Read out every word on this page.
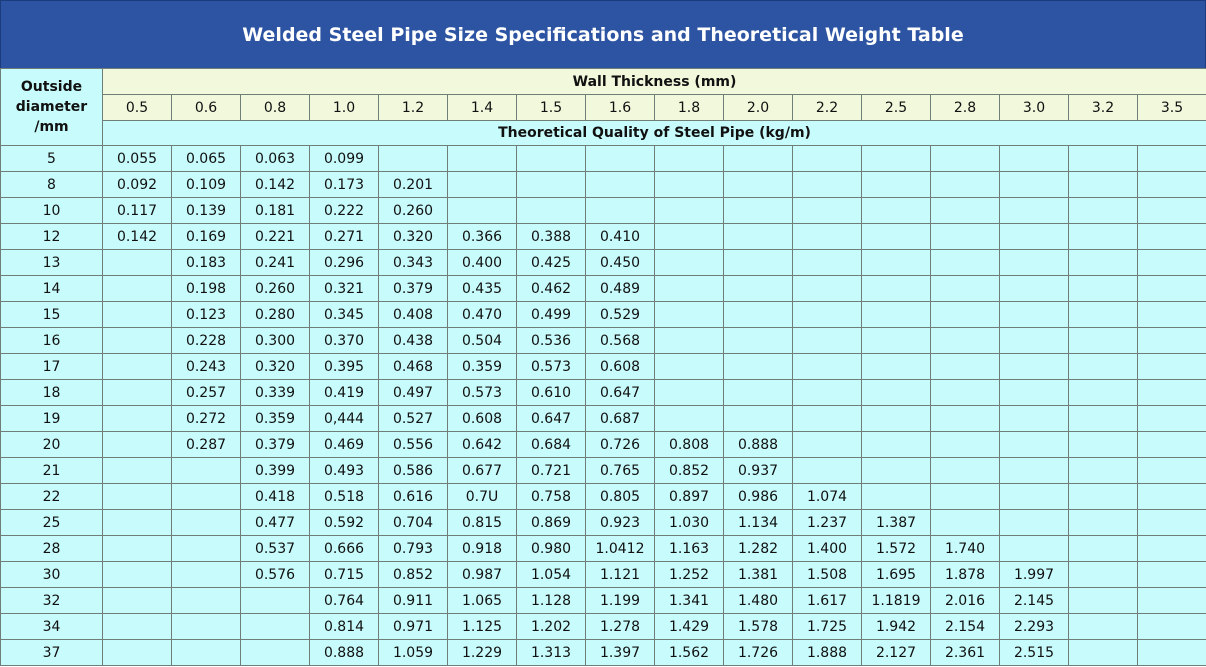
Welded Steel Pipe Size Specifications and Theoretical Weight Table
Outside diameter /mm	Wall Thickness (mm)															
	0.5	0.6	0.8	1.0	1.2	1.4	1.5	1.6	1.8	2.0	2.2	2.5	2.8	3.0	3.2	3.5
	Theoretical Quality of Steel Pipe (kg/m)															
5	0.055	0.065	0.063	0.099												
8	0.092	0.109	0.142	0.173	0.201											
10	0.117	0.139	0.181	0.222	0.260											
12	0.142	0.169	0.221	0.271	0.320	0.366	0.388	0.410								
13		0.183	0.241	0.296	0.343	0.400	0.425	0.450								
14		0.198	0.260	0.321	0.379	0.435	0.462	0.489								
15		0.123	0.280	0.345	0.408	0.470	0.499	0.529								
16		0.228	0.300	0.370	0.438	0.504	0.536	0.568								
17		0.243	0.320	0.395	0.468	0.359	0.573	0.608								
18		0.257	0.339	0.419	0.497	0.573	0.610	0.647								
19		0.272	0.359	0,444	0.527	0.608	0.647	0.687								
20		0.287	0.379	0.469	0.556	0.642	0.684	0.726	0.808	0.888						
21			0.399	0.493	0.586	0.677	0.721	0.765	0.852	0.937						
22			0.418	0.518	0.616	0.7U	0.758	0.805	0.897	0.986	1.074					
25			0.477	0.592	0.704	0.815	0.869	0.923	1.030	1.134	1.237	1.387				
28			0.537	0.666	0.793	0.918	0.980	1.0412	1.163	1.282	1.400	1.572	1.740			
30			0.576	0.715	0.852	0.987	1.054	1.121	1.252	1.381	1.508	1.695	1.878	1.997		
32				0.764	0.911	1.065	1.128	1.199	1.341	1.480	1.617	1.1819	2.016	2.145		
34				0.814	0.971	1.125	1.202	1.278	1.429	1.578	1.725	1.942	2.154	2.293		
37				0.888	1.059	1.229	1.313	1.397	1.562	1.726	1.888	2.127	2.361	2.515		
